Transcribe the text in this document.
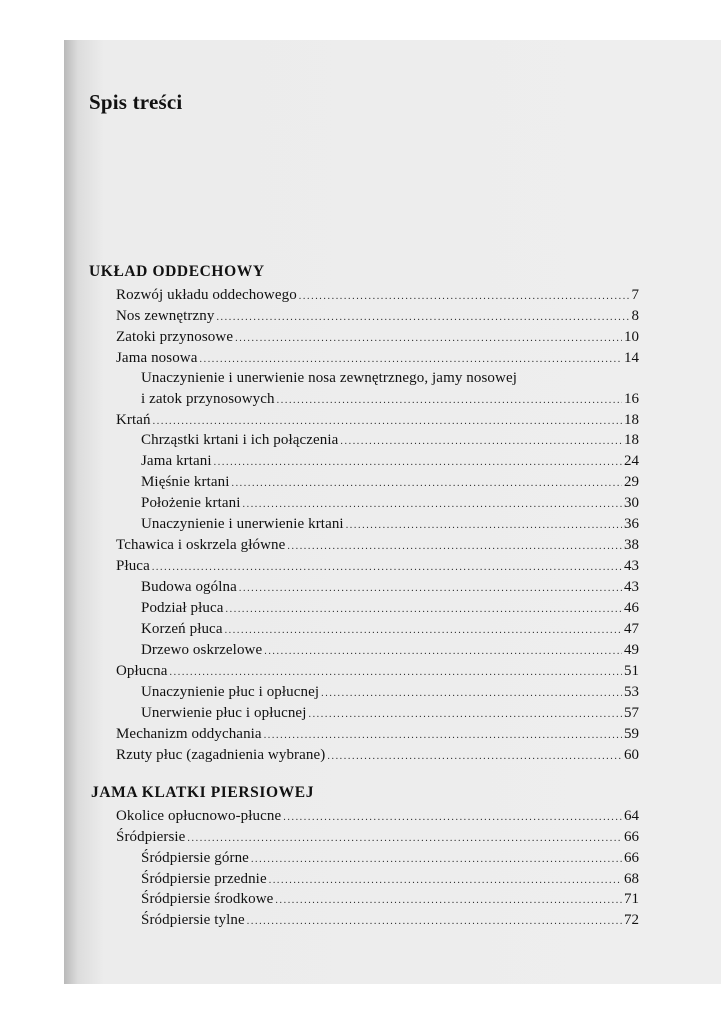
Spis treści
UKŁAD ODDECHOWY
Rozwój układu oddechowego .....	7
Nos zewnętrzny .....	8
Zatoki przynosowe .....	10
Jama nosowa .....	14
Unaczynienie i unerwienie nosa zewnętrznego, jamy nosowej
i zatok przynosowych .....	16
Krtań .....	18
Chrząstki krtani i ich połączenia .....	18
Jama krtani .....	24
Mięśnie krtani .....	29
Położenie krtani .....	30
Unaczynienie i unerwienie krtani .....	36
Tchawica i oskrzela główne .....	38
Płuca .....	43
Budowa ogólna .....	43
Podział płuca .....	46
Korzeń płuca .....	47
Drzewo oskrzelowe .....	49
Opłucna .....	51
Unaczynienie płuc i opłucnej .....	53
Unerwienie płuc i opłucnej .....	57
Mechanizm oddychania .....	59
Rzuty płuc (zagadnienia wybrane) .....	60
JAMA KLATKI PIERSIOWEJ
Okolice opłucnowo-płucne .....	64
Śródpiersie .....	66
Śródpiersie górne .....	66
Śródpiersie przednie .....	68
Śródpiersie środkowe .....	71
Śródpiersie tylne .....	72
